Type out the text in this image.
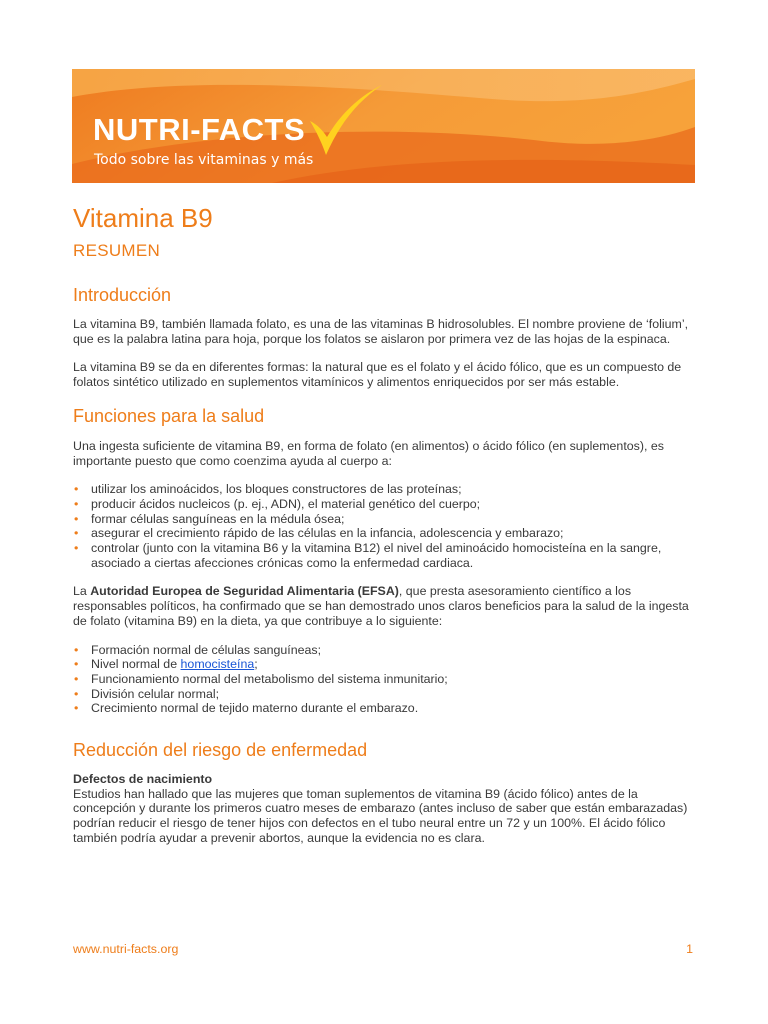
NUTRI-FACTS
Todo sobre las vitaminas y más
Vitamina B9
RESUMEN
Introducción

La vitamina B9, también llamada folato, es una de las vitaminas B hidrosolubles. El nombre proviene de ‘folium’, que es la palabra latina para hoja, porque los folatos se aislaron por primera vez de las hojas de la espinaca.

La vitamina B9 se da en diferentes formas: la natural que es el folato y el ácido fólico, que es un compuesto de folatos sintético utilizado en suplementos vitamínicos y alimentos enriquecidos por ser más estable.

Funciones para la salud

Una ingesta suficiente de vitamina B9, en forma de folato (en alimentos) o ácido fólico (en suplementos), es importante puesto que como coenzima ayuda al cuerpo a:

• utilizar los aminoácidos, los bloques constructores de las proteínas;
• producir ácidos nucleicos (p. ej., ADN), el material genético del cuerpo;
• formar células sanguíneas en la médula ósea;
• asegurar el crecimiento rápido de las células en la infancia, adolescencia y embarazo;
• controlar (junto con la vitamina B6 y la vitamina B12) el nivel del aminoácido homocisteína en la sangre, asociado a ciertas afecciones crónicas como la enfermedad cardiaca.

La Autoridad Europea de Seguridad Alimentaria (EFSA), que presta asesoramiento científico a los responsables políticos, ha confirmado que se han demostrado unos claros beneficios para la salud de la ingesta de folato (vitamina B9) en la dieta, ya que contribuye a lo siguiente:

• Formación normal de células sanguíneas;
• Nivel normal de homocisteína;
• Funcionamiento normal del metabolismo del sistema inmunitario;
• División celular normal;
• Crecimiento normal de tejido materno durante el embarazo.
Reducción del riesgo de enfermedad

Defectos de nacimiento

Estudios han hallado que las mujeres que toman suplementos de vitamina B9 (ácido fólico) antes de la concepción y durante los primeros cuatro meses de embarazo (antes incluso de saber que están embarazadas) podrían reducir el riesgo de tener hijos con defectos en el tubo neural entre un 72 y un 100%. El ácido fólico también podría ayudar a prevenir abortos, aunque la evidencia no es clara.

www.nutri-facts.org	1
